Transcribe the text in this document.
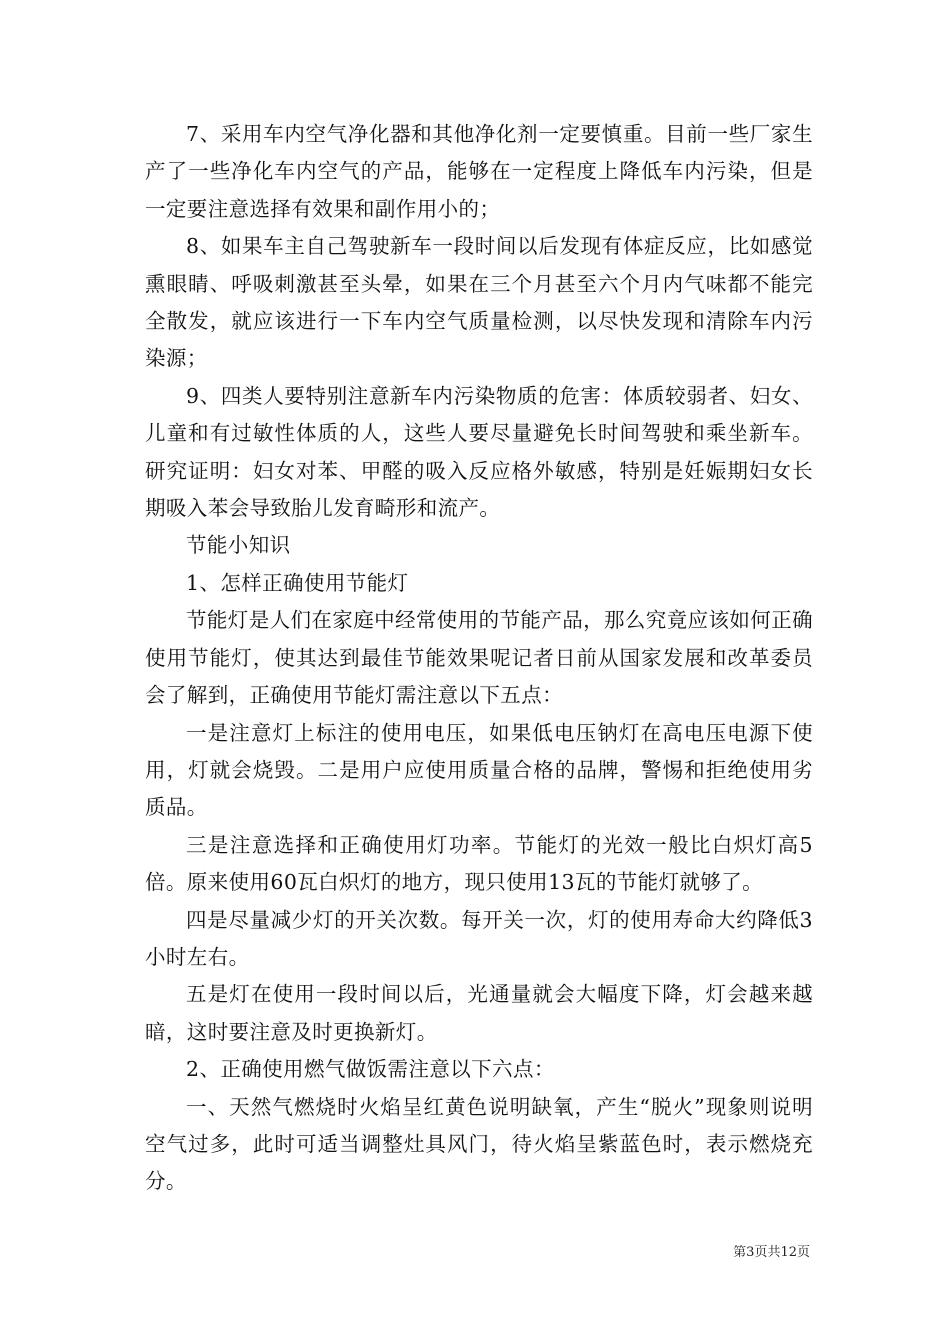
7、采用车内空气净化器和其他净化剂一定要慎重。目前一些厂家生产了一些净化车内空气的产品，能够在一定程度上降低车内污染，但是一定要注意选择有效果和副作用小的；

8、如果车主自己驾驶新车一段时间以后发现有体症反应，比如感觉熏眼睛、呼吸刺激甚至头晕，如果在三个月甚至六个月内气味都不能完全散发，就应该进行一下车内空气质量检测，以尽快发现和清除车内污染源；

9、四类人要特别注意新车内污染物质的危害：体质较弱者、妇女、儿童和有过敏性体质的人，这些人要尽量避免长时间驾驶和乘坐新车。研究证明：妇女对苯、甲醛的吸入反应格外敏感，特别是妊娠期妇女长期吸入苯会导致胎儿发育畸形和流产。

节能小知识

1、怎样正确使用节能灯

节能灯是人们在家庭中经常使用的节能产品，那么究竟应该如何正确使用节能灯，使其达到最佳节能效果呢记者日前从国家发展和改革委员会了解到，正确使用节能灯需注意以下五点：

一是注意灯上标注的使用电压，如果低电压钠灯在高电压电源下使用，灯就会烧毁。二是用户应使用质量合格的品牌，警惕和拒绝使用劣质品。

三是注意选择和正确使用灯功率。节能灯的光效一般比白炽灯高5倍。原来使用60瓦白炽灯的地方，现只使用13瓦的节能灯就够了。

四是尽量减少灯的开关次数。每开关一次，灯的使用寿命大约降低3小时左右。

五是灯在使用一段时间以后，光通量就会大幅度下降，灯会越来越暗，这时要注意及时更换新灯。

2、正确使用燃气做饭需注意以下六点：

一、天然气燃烧时火焰呈红黄色说明缺氧，产生“脱火”现象则说明空气过多，此时可适当调整灶具风门，待火焰呈紫蓝色时，表示燃烧充分。

第3页共12页
